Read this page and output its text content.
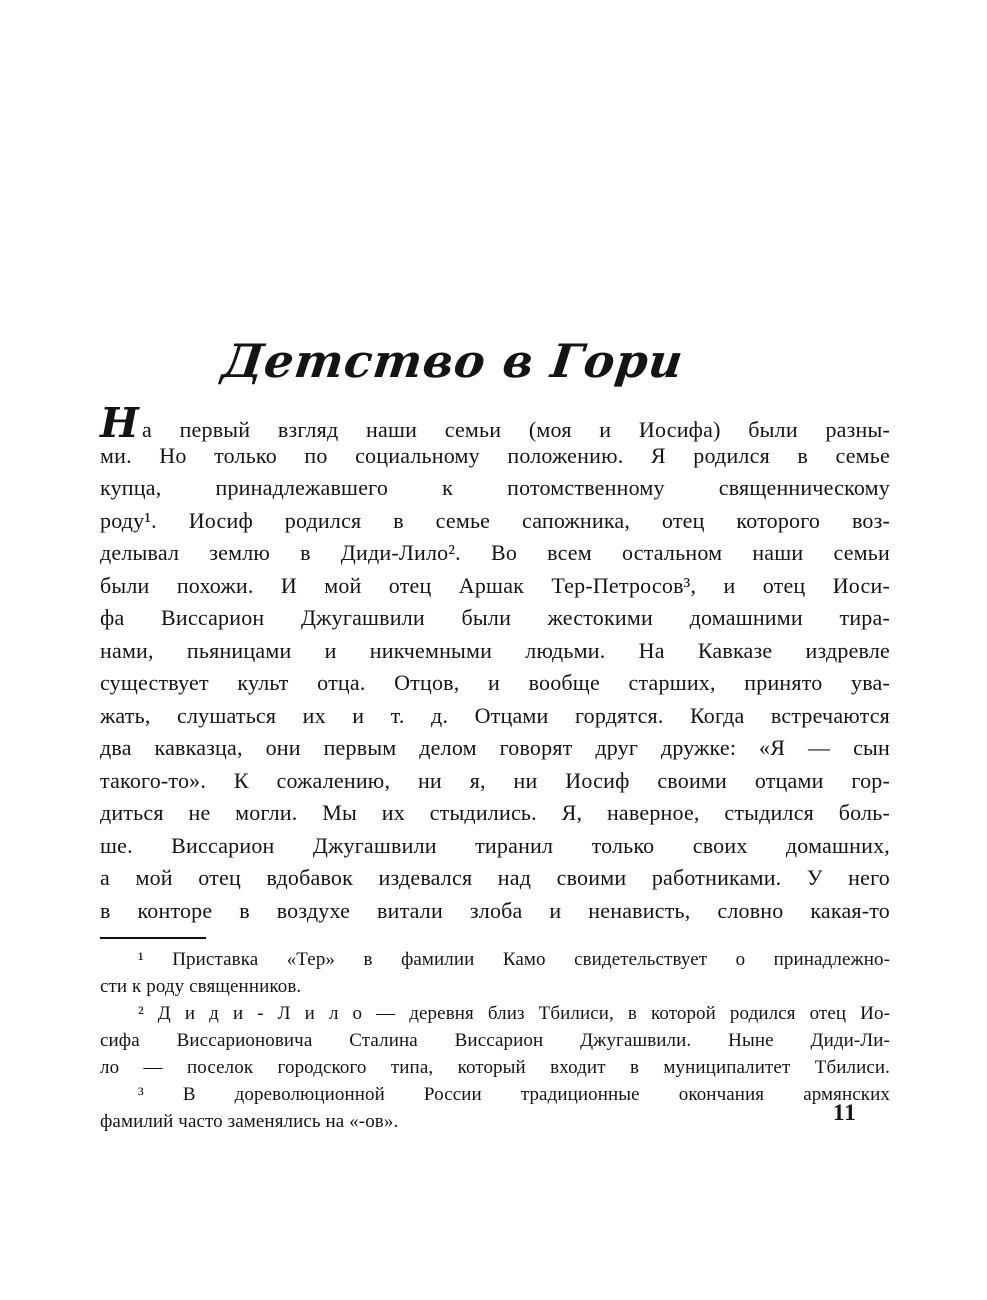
Детство в Гори
На первый взгляд наши семьи (моя и Иосифа) были разны-
ми. Но только по социальному положению. Я родился в семье
купца, принадлежавшего к потомственному священническому
роду¹. Иосиф родился в семье сапожника, отец которого воз-
делывал землю в Диди-Лило². Во всем остальном наши семьи
были похожи. И мой отец Аршак Тер-Петросов³, и отец Иоси-
фа Виссарион Джугашвили были жестокими домашними тира-
нами, пьяницами и никчемными людьми. На Кавказе издревле
существует культ отца. Отцов, и вообще старших, принято ува-
жать, слушаться их и т. д. Отцами гордятся. Когда встречаются
два кавказца, они первым делом говорят друг дружке: «Я — сын
такого-то». К сожалению, ни я, ни Иосиф своими отцами гор-
диться не могли. Мы их стыдились. Я, наверное, стыдился боль-
ше. Виссарион Джугашвили тиранил только своих домашних,
а мой отец вдобавок издевался над своими работниками. У него
в конторе в воздухе витали злоба и ненависть, словно какая-то
¹ Приставка «Тер» в фамилии Камо свидетельствует о принадлежно-
сти к роду священников.
² Д и д и - Л и л о — деревня близ Тбилиси, в которой родился отец Ио-
сифа Виссарионовича Сталина Виссарион Джугашвили. Ныне Диди-Ли-
ло — поселок городского типа, который входит в муниципалитет Тбилиси.
³ В дореволюционной России традиционные окончания армянских
фамилий часто заменялись на «-ов».	11
